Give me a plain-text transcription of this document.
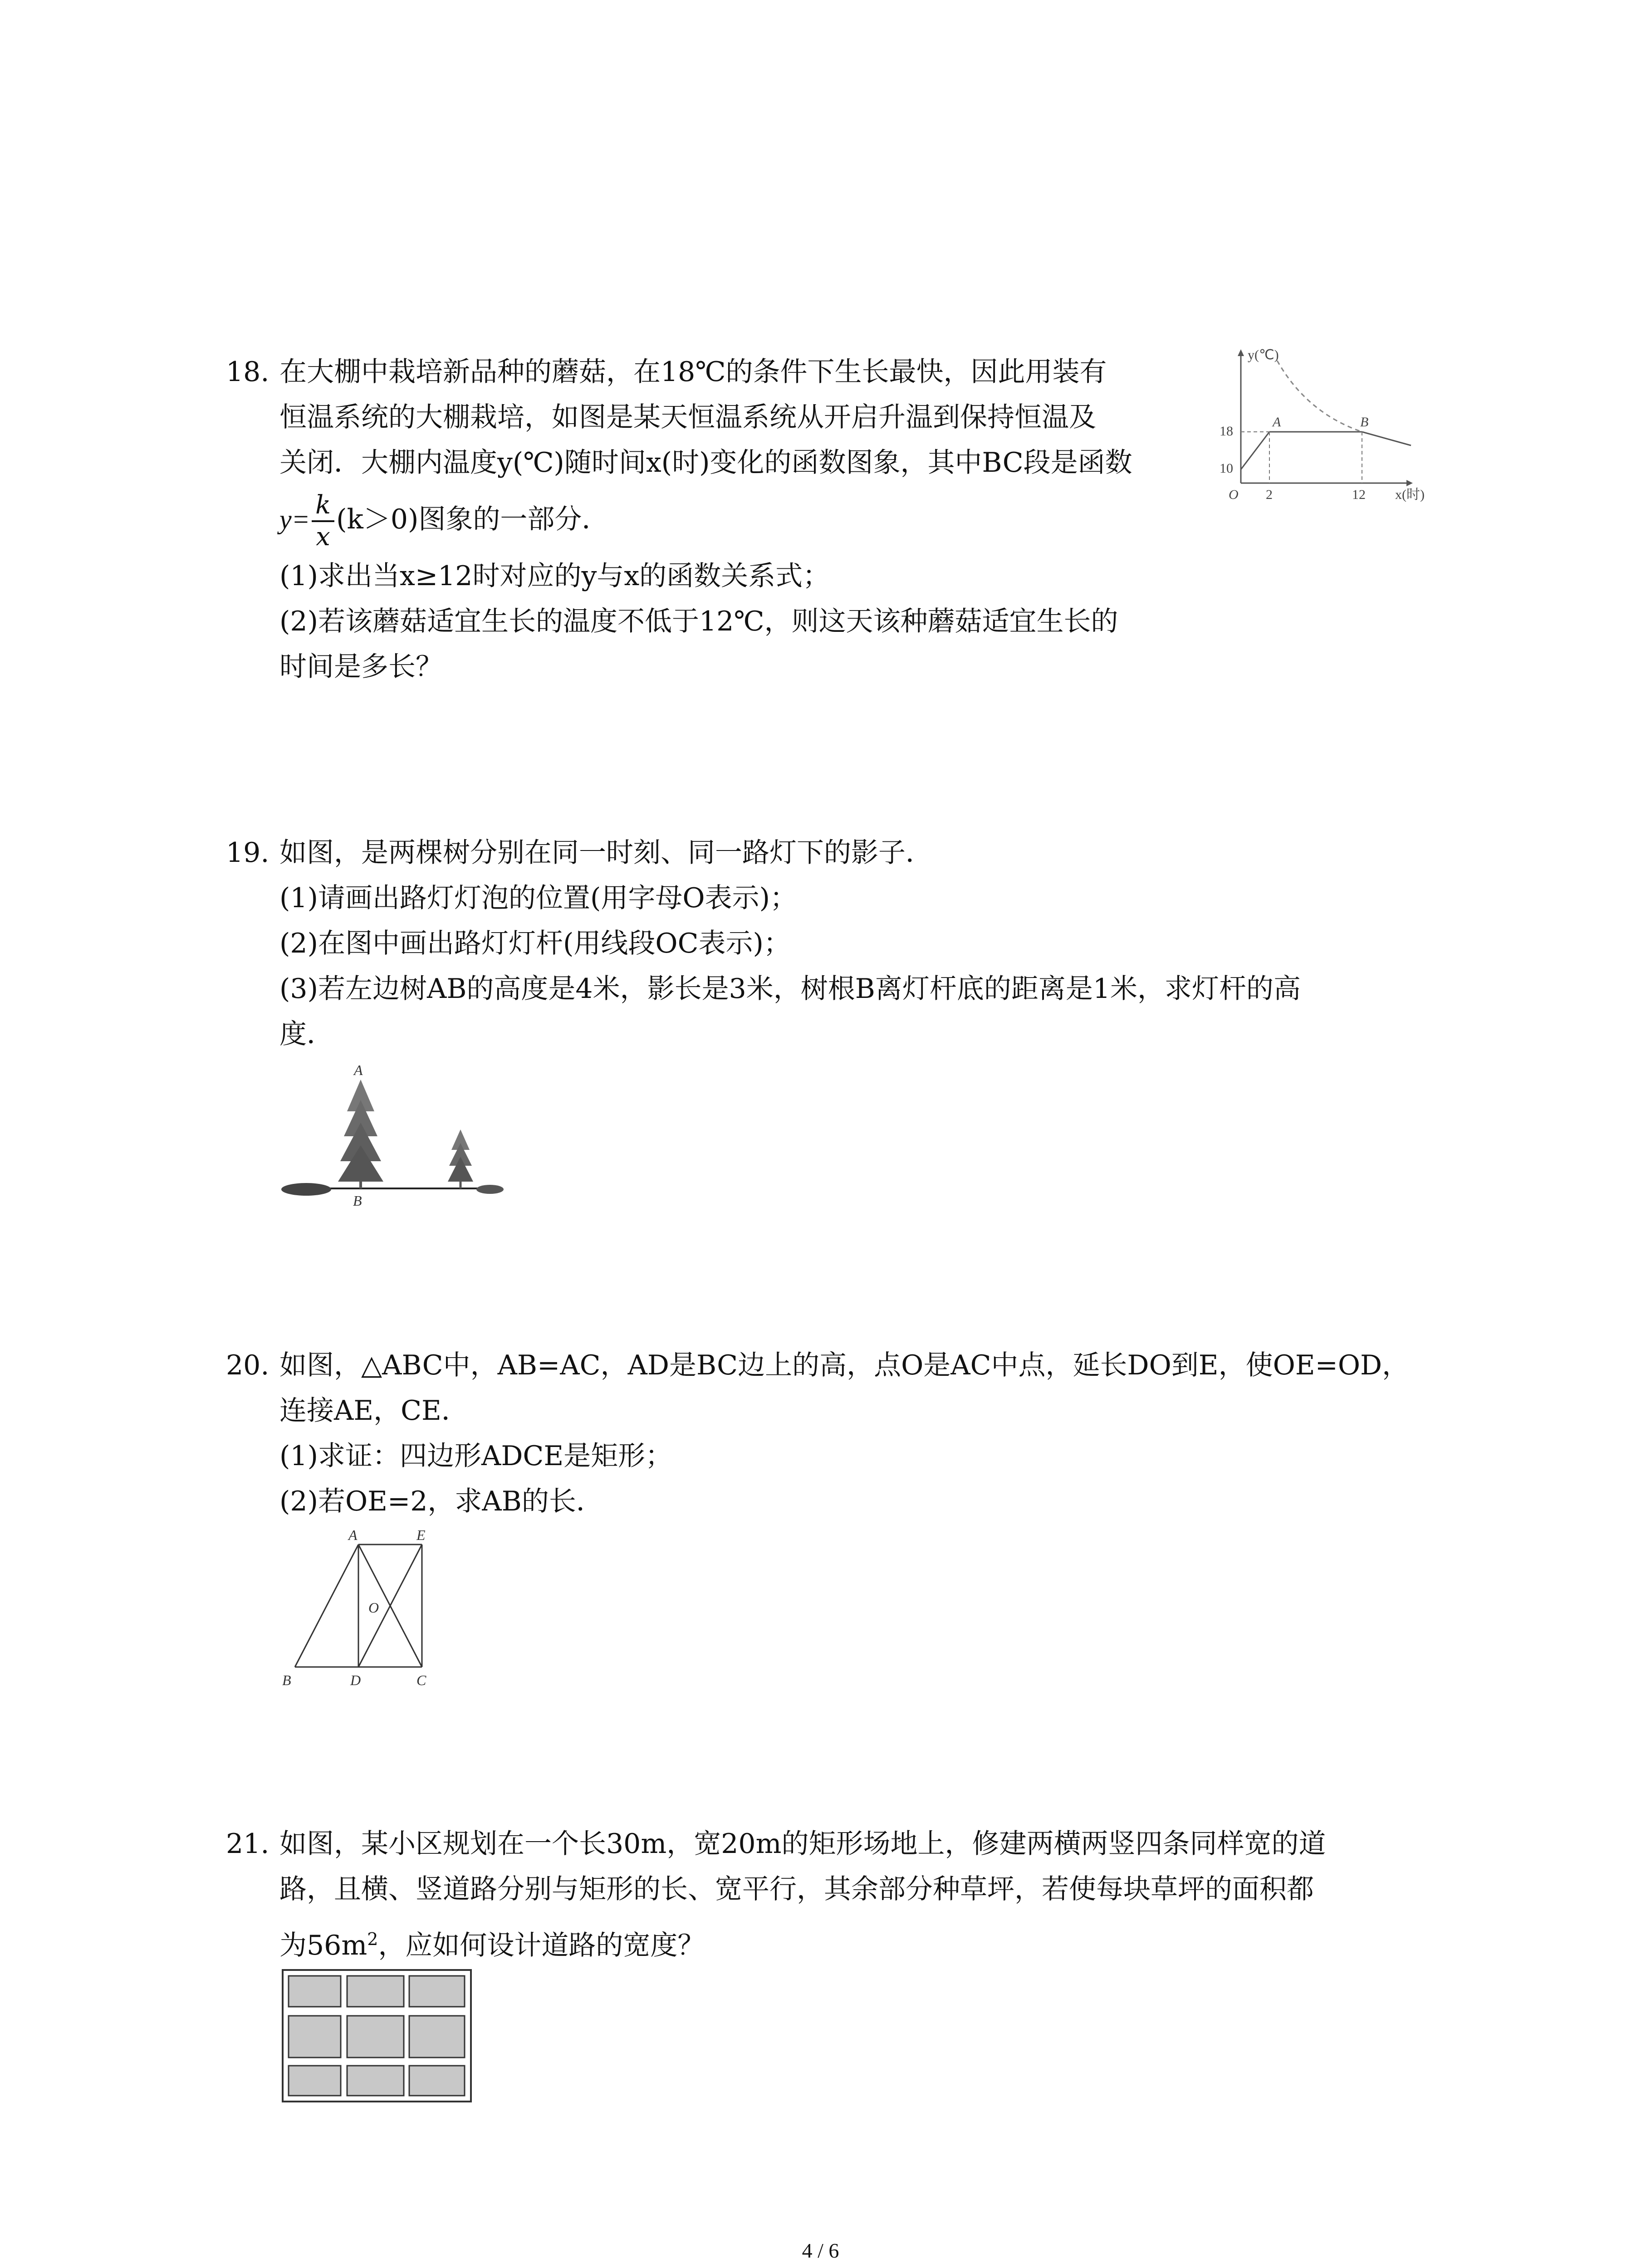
18. 在大棚中栽培新品种的蘑菇，在18℃的条件下生长最快，因此用装有
恒温系统的大棚栽培，如图是某天恒温系统从开启升温到保持恒温及
关闭．大棚内温度y(℃)随时间x(时)变化的函数图象，其中BC段是函数
$y= \frac{k}{x} (k>0)$图象的一部分．
(1)求出当x≥12时对应的y与x的函数关系式；
(2)若该蘑菇适宜生长的温度不低于12℃，则这天该种蘑菇适宜生长的
时间是多长？
y(℃)
x(时)
O
18
10
2	12
A	B
19. 如图，是两棵树分别在同一时刻、同一路灯下的影子．
(1)请画出路灯灯泡的位置(用字母O表示)；
(2)在图中画出路灯灯杆(用线段OC表示)；
(3)若左边树AB的高度是4米，影长是3米，树根B离灯杆底的距离是1米，求灯杆的高
度．
A
B
20. 如图，△ABC中，AB=AC，AD是BC边上的高，点O是AC中点，延长DO到E，使OE=OD，
连接AE，CE．
(1)求证：四边形ADCE是矩形；
(2)若OE=2，求AB的长．
A	E
O
B	D	C
21. 如图，某小区规划在一个长30m，宽20m的矩形场地上，修建两横两竖四条同样宽的道
路，且横、竖道路分别与矩形的长、宽平行，其余部分种草坪，若使每块草坪的面积都
为$56m^2$，应如何设计道路的宽度？
4 / 6
